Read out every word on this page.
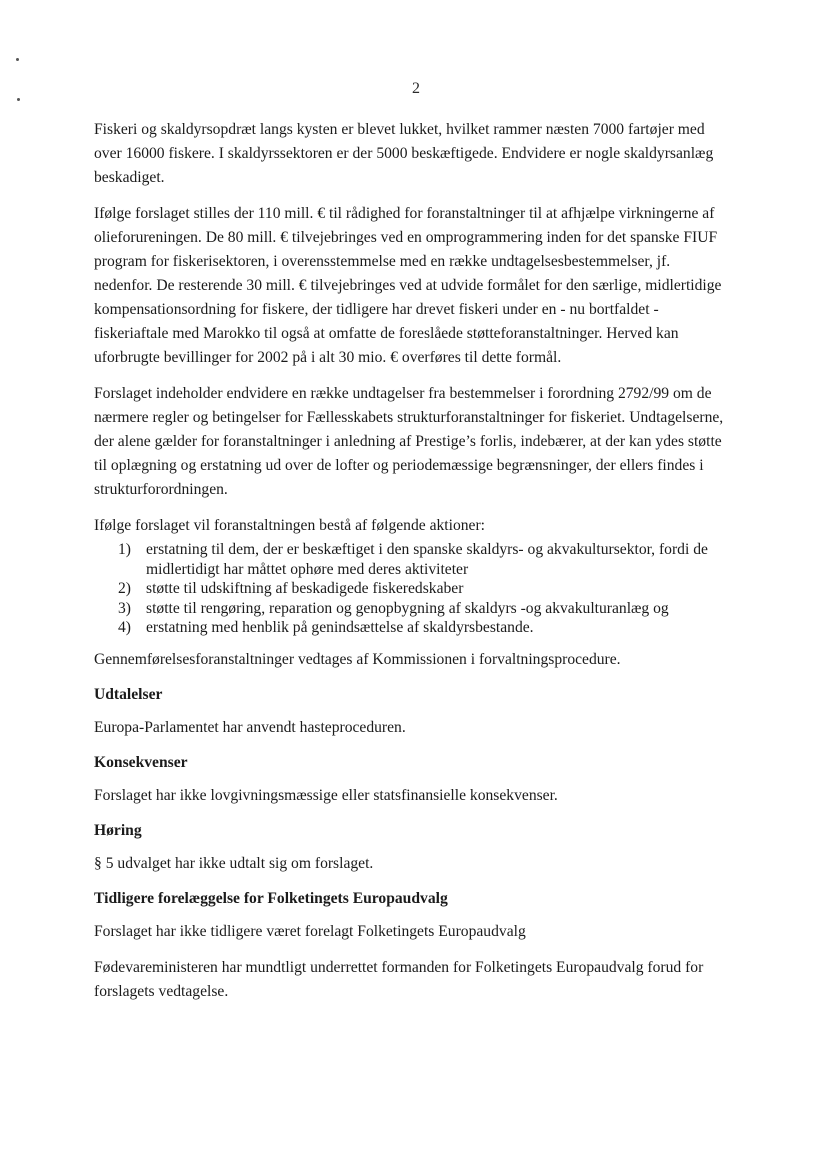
2

Fiskeri og skaldyrsopdræt langs kysten er blevet lukket, hvilket rammer næsten 7000 fartøjer med over 16000 fiskere. I skaldyrssektoren er der 5000 beskæftigede. Endvidere er nogle skaldyrsanlæg beskadiget.

Ifølge forslaget stilles der 110 mill. € til rådighed for foranstaltninger til at afhjælpe virkningerne af olieforureningen. De 80 mill. € tilvejebringes ved en omprogrammering inden for det spanske FIUF program for fiskerisektoren, i overensstemmelse med en række undtagelsesbestemmelser, jf. nedenfor. De resterende 30 mill. € tilvejebringes ved at udvide formålet for den særlige, midlertidige kompensationsordning for fiskere, der tidligere har drevet fiskeri under en - nu bortfaldet - fiskeriaftale med Marokko til også at omfatte de foreslåede støtteforanstaltninger. Herved kan uforbrugte bevillinger for 2002 på i alt 30 mio. € overføres til dette formål.

Forslaget indeholder endvidere en række undtagelser fra bestemmelser i forordning 2792/99 om de nærmere regler og betingelser for Fællesskabets strukturforanstaltninger for fiskeriet. Undtagelserne, der alene gælder for foranstaltninger i anledning af Prestige’s forlis, indebærer, at der kan ydes støtte til oplægning og erstatning ud over de lofter og periodemæssige begrænsninger, der ellers findes i strukturforordningen.

Ifølge forslaget vil foranstaltningen bestå af følgende aktioner:

1) erstatning til dem, der er beskæftiget i den spanske skaldyrs- og akvakultursektor, fordi de midlertidigt har måttet ophøre med deres aktiviteter
2) støtte til udskiftning af beskadigede fiskeredskaber
3) støtte til rengøring, reparation og genopbygning af skaldyrs -og akvakulturanlæg og
4) erstatning med henblik på genindsættelse af skaldyrsbestande.

Gennemførelsesforanstaltninger vedtages af Kommissionen i forvaltningsprocedure.

Udtalelser

Europa-Parlamentet har anvendt hasteproceduren.

Konsekvenser

Forslaget har ikke lovgivningsmæssige eller statsfinansielle konsekvenser.

Høring

§ 5 udvalget har ikke udtalt sig om forslaget.

Tidligere forelæggelse for Folketingets Europaudvalg

Forslaget har ikke tidligere været forelagt Folketingets Europaudvalg

Fødevareministeren har mundtligt underrettet formanden for Folketingets Europaudvalg forud for forslagets vedtagelse.
